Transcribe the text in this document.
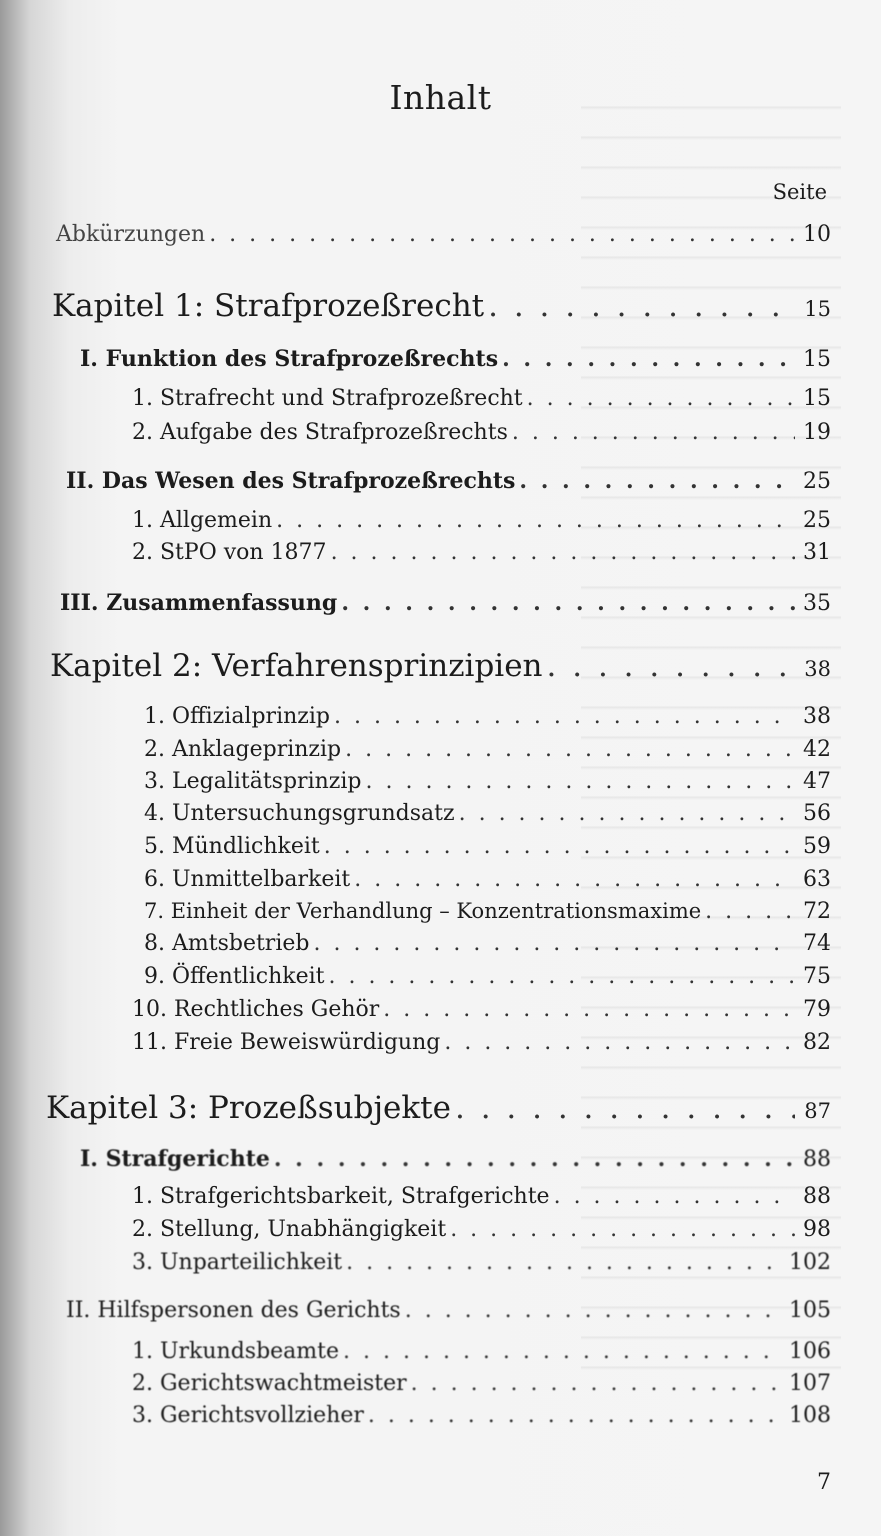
Inhalt
Seite
Abkürzungen . . .	10
Kapitel 1: Strafprozeßrecht . . .	15
I. Funktion des Strafprozeßrechts . . .	15
1. Strafrecht und Strafprozeßrecht . . .	15
2. Aufgabe des Strafprozeßrechts . . .	19
II. Das Wesen des Strafprozeßrechts . . .	25
1. Allgemein . . .	25
2. StPO von 1877 . . .	31
III. Zusammenfassung . . .	35
Kapitel 2: Verfahrensprinzipien . . .	38
1. Offizialprinzip . . .	38
2. Anklageprinzip . . .	42
3. Legalitätsprinzip . . .	47
4. Untersuchungsgrundsatz . . .	56
5. Mündlichkeit . . .	59
6. Unmittelbarkeit . . .	63
7. Einheit der Verhandlung – Konzentrationsmaxime . . .	72
8. Amtsbetrieb . . .	74
9. Öffentlichkeit . . .	75
10. Rechtliches Gehör . . .	79
11. Freie Beweiswürdigung . . .	82
Kapitel 3: Prozeßsubjekte . . .	87
I. Strafgerichte . . .	88
1. Strafgerichtsbarkeit, Strafgerichte . . .	88
2. Stellung, Unabhängigkeit . . .	98
3. Unparteilichkeit . . .	102
II. Hilfspersonen des Gerichts . . .	105
1. Urkundsbeamte . . .	106
2. Gerichtswachtmeister . . .	107
3. Gerichtsvollzieher . . .	108
7
